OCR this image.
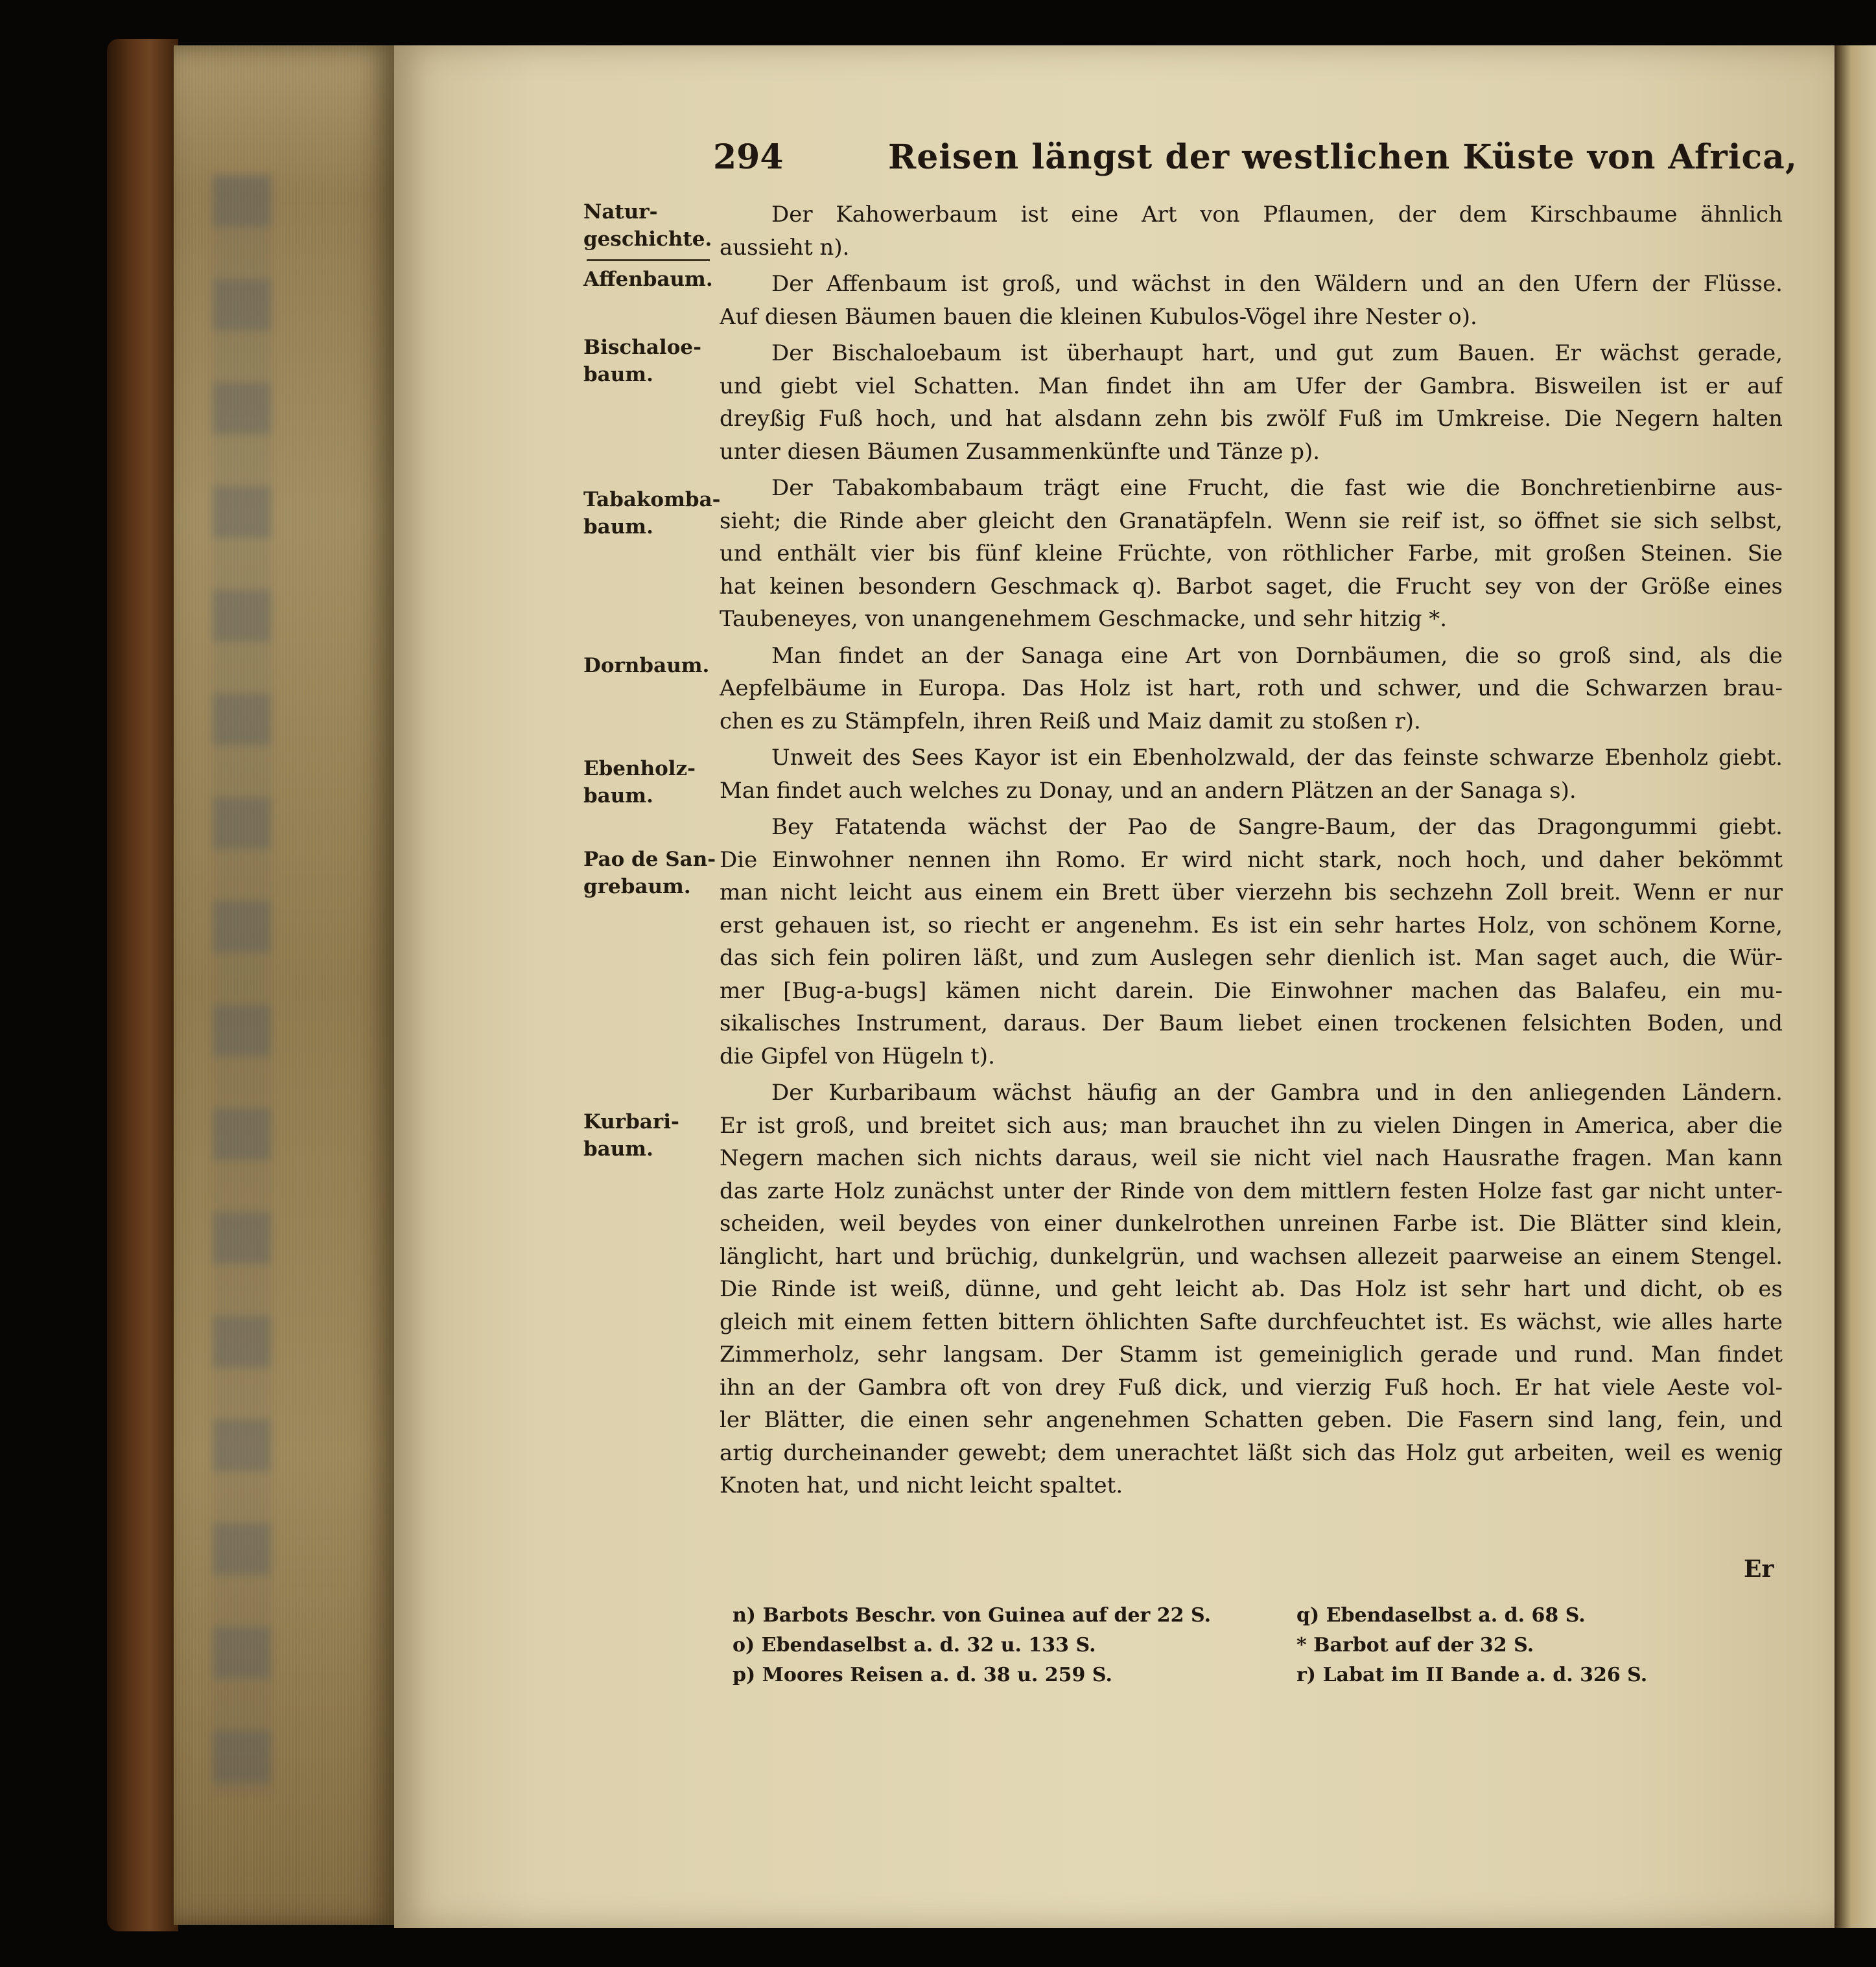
294	Reisen längst der westlichen Küste von Africa,
Natur-
geschichte.
Affenbaum.
Bischaloe-
baum.
Tabakomba-
baum.
Dornbaum.
Ebenholz-
baum.
Pao de San-
grebaum.
Kurbari-
baum.
Der Kahowerbaum ist eine Art von Pflaumen, der dem Kirschbaume ähnlich
aussieht n).
Der Affenbaum ist groß, und wächst in den Wäldern und an den Ufern der Flüsse.
Auf diesen Bäumen bauen die kleinen Kubulos-Vögel ihre Nester o).
Der Bischaloebaum ist überhaupt hart, und gut zum Bauen. Er wächst gerade,
und giebt viel Schatten. Man findet ihn am Ufer der Gambra. Bisweilen ist er auf
dreyßig Fuß hoch, und hat alsdann zehn bis zwölf Fuß im Umkreise. Die Negern halten
unter diesen Bäumen Zusammenkünfte und Tänze p).
Der Tabakombabaum trägt eine Frucht, die fast wie die Bonchretienbirne aus-
sieht; die Rinde aber gleicht den Granatäpfeln. Wenn sie reif ist, so öffnet sie sich selbst,
und enthält vier bis fünf kleine Früchte, von röthlicher Farbe, mit großen Steinen. Sie
hat keinen besondern Geschmack q). Barbot saget, die Frucht sey von der Größe eines
Taubeneyes, von unangenehmem Geschmacke, und sehr hitzig *.
Man findet an der Sanaga eine Art von Dornbäumen, die so groß sind, als die
Aepfelbäume in Europa. Das Holz ist hart, roth und schwer, und die Schwarzen brau-
chen es zu Stämpfeln, ihren Reiß und Maiz damit zu stoßen r).
Unweit des Sees Kayor ist ein Ebenholzwald, der das feinste schwarze Ebenholz giebt.
Man findet auch welches zu Donay, und an andern Plätzen an der Sanaga s).
Bey Fatatenda wächst der Pao de Sangre-Baum, der das Dragongummi giebt.
Die Einwohner nennen ihn Romo. Er wird nicht stark, noch hoch, und daher bekömmt
man nicht leicht aus einem ein Brett über vierzehn bis sechzehn Zoll breit. Wenn er nur
erst gehauen ist, so riecht er angenehm. Es ist ein sehr hartes Holz, von schönem Korne,
das sich fein poliren läßt, und zum Auslegen sehr dienlich ist. Man saget auch, die Wür-
mer [Bug-a-bugs] kämen nicht darein. Die Einwohner machen das Balafeu, ein mu-
sikalisches Instrument, daraus. Der Baum liebet einen trockenen felsichten Boden, und
die Gipfel von Hügeln t).
Der Kurbaribaum wächst häufig an der Gambra und in den anliegenden Ländern.
Er ist groß, und breitet sich aus; man brauchet ihn zu vielen Dingen in America, aber die
Negern machen sich nichts daraus, weil sie nicht viel nach Hausrathe fragen. Man kann
das zarte Holz zunächst unter der Rinde von dem mittlern festen Holze fast gar nicht unter-
scheiden, weil beydes von einer dunkelrothen unreinen Farbe ist. Die Blätter sind klein,
länglicht, hart und brüchig, dunkelgrün, und wachsen allezeit paarweise an einem Stengel.
Die Rinde ist weiß, dünne, und geht leicht ab. Das Holz ist sehr hart und dicht, ob es
gleich mit einem fetten bittern öhlichten Safte durchfeuchtet ist. Es wächst, wie alles harte
Zimmerholz, sehr langsam. Der Stamm ist gemeiniglich gerade und rund. Man findet
ihn an der Gambra oft von drey Fuß dick, und vierzig Fuß hoch. Er hat viele Aeste vol-
ler Blätter, die einen sehr angenehmen Schatten geben. Die Fasern sind lang, fein, und
artig durcheinander gewebt; dem unerachtet läßt sich das Holz gut arbeiten, weil es wenig
Knoten hat, und nicht leicht spaltet.
Er
n) Barbots Beschr. von Guinea auf der 22 S.
o) Ebendaselbst a. d. 32 u. 133 S.
p) Moores Reisen a. d. 38 u. 259 S.
q) Ebendaselbst a. d. 68 S.
* Barbot auf der 32 S.
r) Labat im II Bande a. d. 326 S.
